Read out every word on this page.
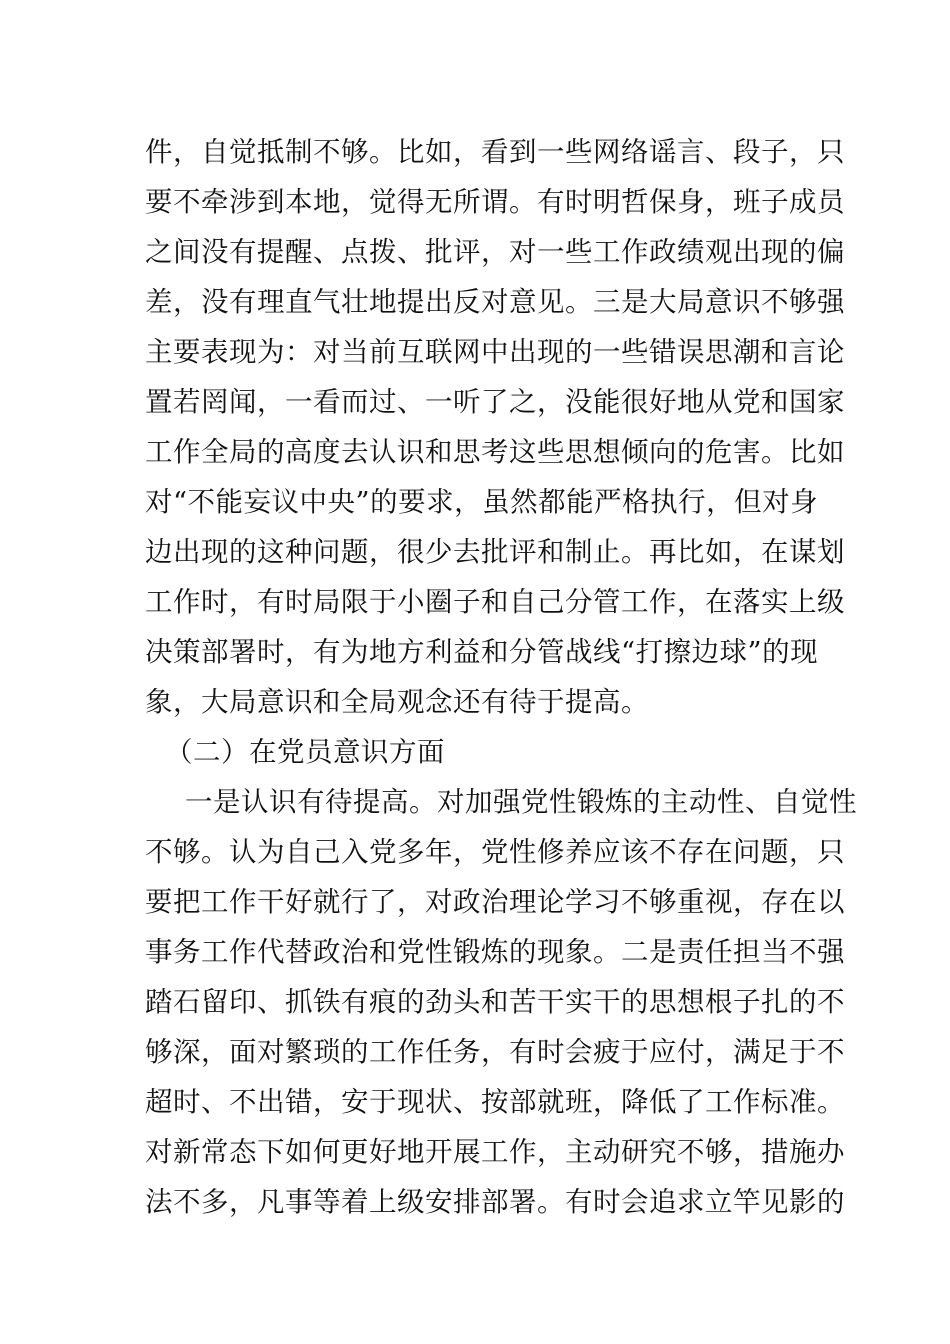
件，自觉抵制不够。比如，看到一些网络谣言、段子，只
要不牵涉到本地，觉得无所谓。有时明哲保身，班子成员
之间没有提醒、点拨、批评，对一些工作政绩观出现的偏
差，没有理直气壮地提出反对意见。三是大局意识不够强
主要表现为：对当前互联网中出现的一些错误思潮和言论
置若罔闻，一看而过、一听了之，没能很好地从党和国家
工作全局的高度去认识和思考这些思想倾向的危害。比如
对“不能妄议中央”的要求，虽然都能严格执行，但对身
边出现的这种问题，很少去批评和制止。再比如，在谋划
工作时，有时局限于小圈子和自己分管工作，在落实上级
决策部署时，有为地方利益和分管战线“打擦边球”的现
象，大局意识和全局观念还有待于提高。
（二）在党员意识方面
一是认识有待提高。对加强党性锻炼的主动性、自觉性
不够。认为自己入党多年，党性修养应该不存在问题，只
要把工作干好就行了，对政治理论学习不够重视，存在以
事务工作代替政治和党性锻炼的现象。二是责任担当不强
踏石留印、抓铁有痕的劲头和苦干实干的思想根子扎的不
够深，面对繁琐的工作任务，有时会疲于应付，满足于不
超时、不出错，安于现状、按部就班，降低了工作标准。
对新常态下如何更好地开展工作，主动研究不够，措施办
法不多，凡事等着上级安排部署。有时会追求立竿见影的
